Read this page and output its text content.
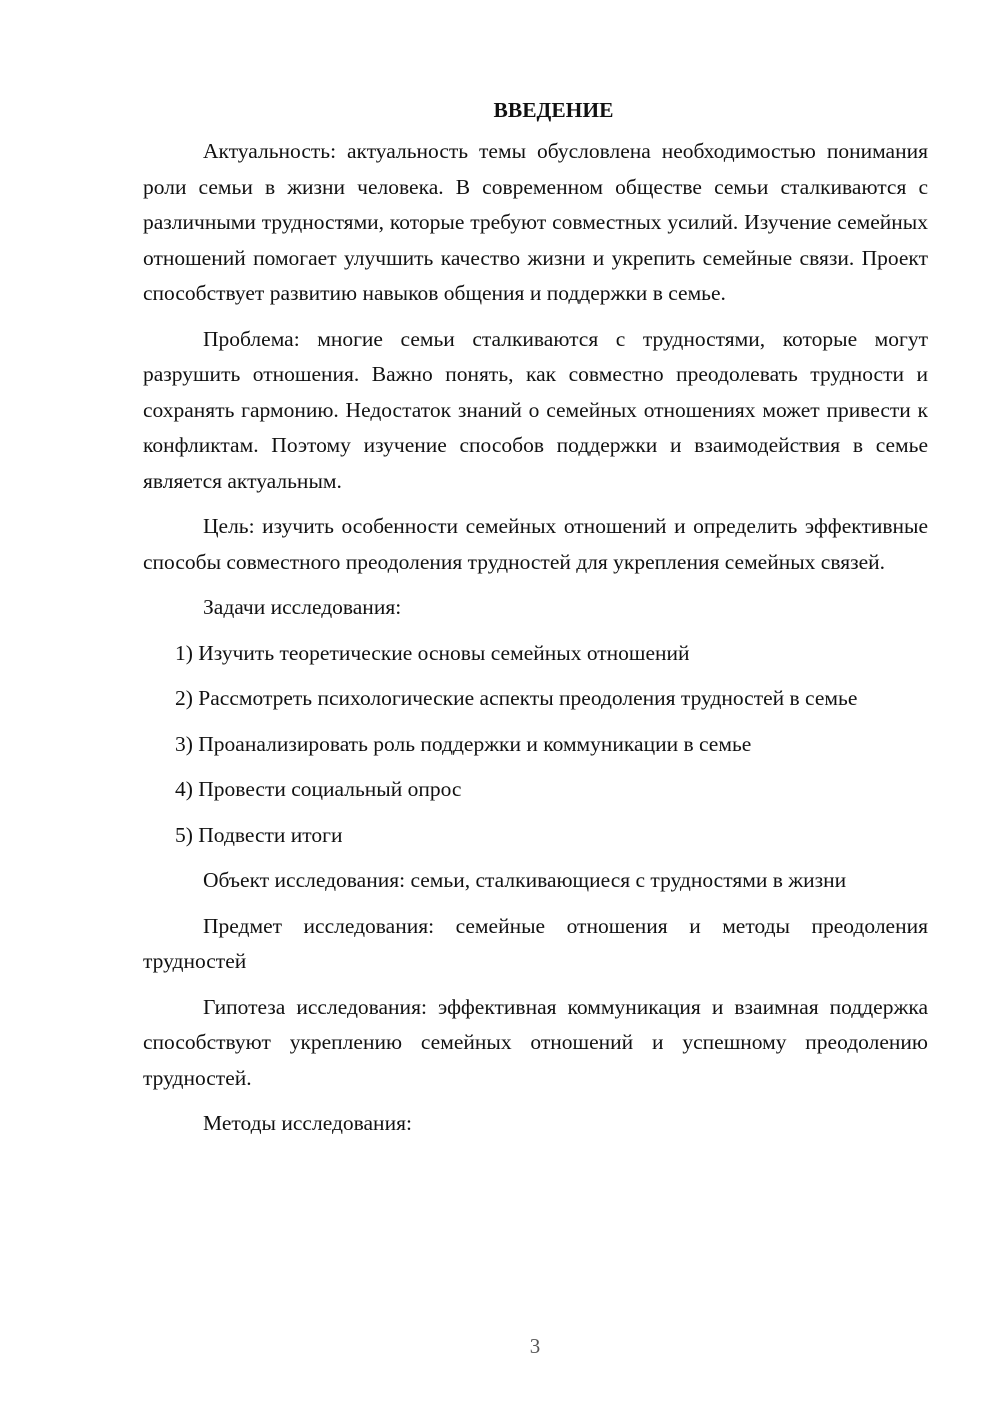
ВВЕДЕНИЕ

Актуальность: актуальность темы обусловлена необходимостью понимания роли семьи в жизни человека. В современном обществе семьи сталкиваются с различными трудностями, которые требуют совместных усилий. Изучение семейных отношений помогает улучшить качество жизни и укрепить семейные связи. Проект способствует развитию навыков общения и поддержки в семье.

Проблема: многие семьи сталкиваются с трудностями, которые могут разрушить отношения. Важно понять, как совместно преодолевать трудности и сохранять гармонию. Недостаток знаний о семейных отношениях может привести к конфликтам. Поэтому изучение способов поддержки и взаимодействия в семье является актуальным.

Цель: изучить особенности семейных отношений и определить эффективные способы совместного преодоления трудностей для укрепления семейных связей.

Задачи исследования:

1) Изучить теоретические основы семейных отношений

2) Рассмотреть психологические аспекты преодоления трудностей в семье

3) Проанализировать роль поддержки и коммуникации в семье

4) Провести социальный опрос

5) Подвести итоги

Объект исследования: семьи, сталкивающиеся с трудностями в жизни

Предмет исследования: семейные отношения и методы преодоления трудностей

Гипотеза исследования: эффективная коммуникация и взаимная поддержка способствуют укреплению семейных отношений и успешному преодолению трудностей.

Методы исследования:

3
